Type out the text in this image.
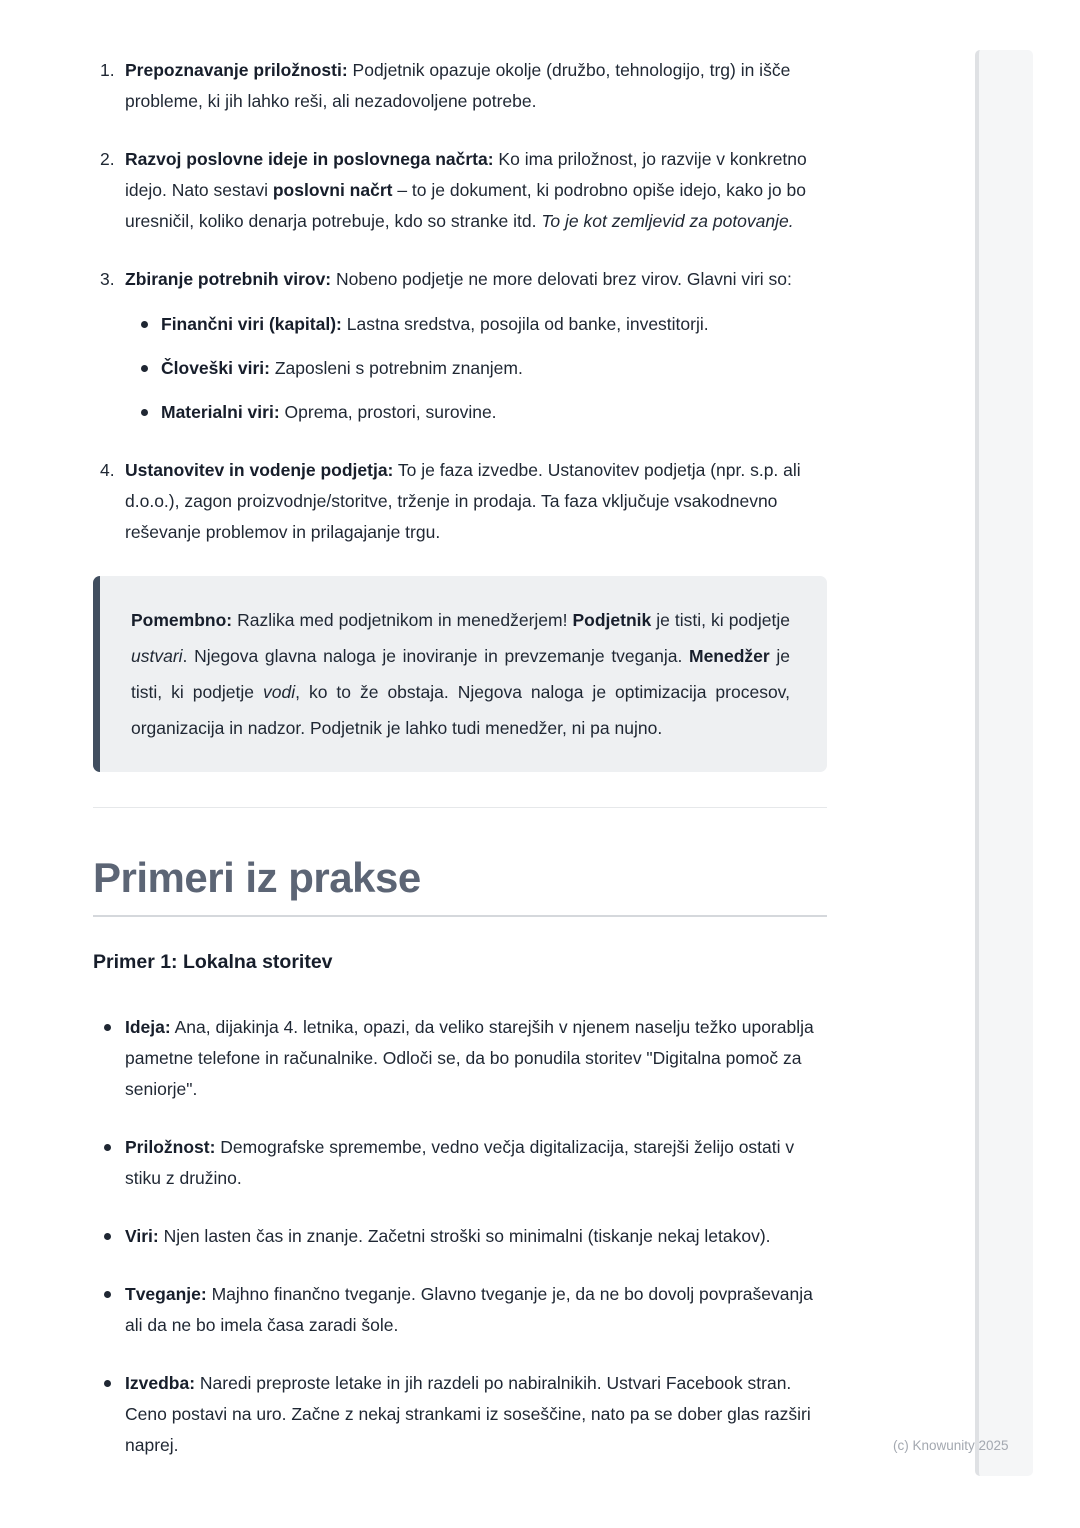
1. Prepoznavanje priložnosti: Podjetnik opazuje okolje (družbo, tehnologijo, trg) in išče probleme, ki jih lahko reši, ali nezadovoljene potrebe.

2. Razvoj poslovne ideje in poslovnega načrta: Ko ima priložnost, jo razvije v konkretno idejo. Nato sestavi poslovni načrt – to je dokument, ki podrobno opiše idejo, kako jo bo uresničil, koliko denarja potrebuje, kdo so stranke itd. To je kot zemljevid za potovanje.

3. Zbiranje potrebnih virov: Nobeno podjetje ne more delovati brez virov. Glavni viri so:

Finančni viri (kapital): Lastna sredstva, posojila od banke, investitorji.

Človeški viri: Zaposleni s potrebnim znanjem.

Materialni viri: Oprema, prostori, surovine.

4. Ustanovitev in vodenje podjetja: To je faza izvedbe. Ustanovitev podjetja (npr. s.p. ali d.o.o.), zagon proizvodnje/storitve, trženje in prodaja. Ta faza vključuje vsakodnevno reševanje problemov in prilagajanje trgu.

Pomembno: Razlika med podjetnikom in menedžerjem! Podjetnik je tisti, ki podjetje ustvari. Njegova glavna naloga je inoviranje in prevzemanje tveganja. Menedžer je tisti, ki podjetje vodi, ko to že obstaja. Njegova naloga je optimizacija procesov, organizacija in nadzor. Podjetnik je lahko tudi menedžer, ni pa nujno.

Primeri iz prakse
Primer 1: Lokalna storitev

Ideja: Ana, dijakinja 4. letnika, opazi, da veliko starejših v njenem naselju težko uporablja pametne telefone in računalnike. Odloči se, da bo ponudila storitev "Digitalna pomoč za seniorje".

Priložnost: Demografske spremembe, vedno večja digitalizacija, starejši želijo ostati v stiku z družino.

Viri: Njen lasten čas in znanje. Začetni stroški so minimalni (tiskanje nekaj letakov).

Tveganje: Majhno finančno tveganje. Glavno tveganje je, da ne bo dovolj povpraševanja ali da ne bo imela časa zaradi šole.

Izvedba: Naredi preproste letake in jih razdeli po nabiralnikih. Ustvari Facebook stran. Ceno postavi na uro. Začne z nekaj strankami iz soseščine, nato pa se dober glas razširi naprej.	(c) Knowunity 2025
